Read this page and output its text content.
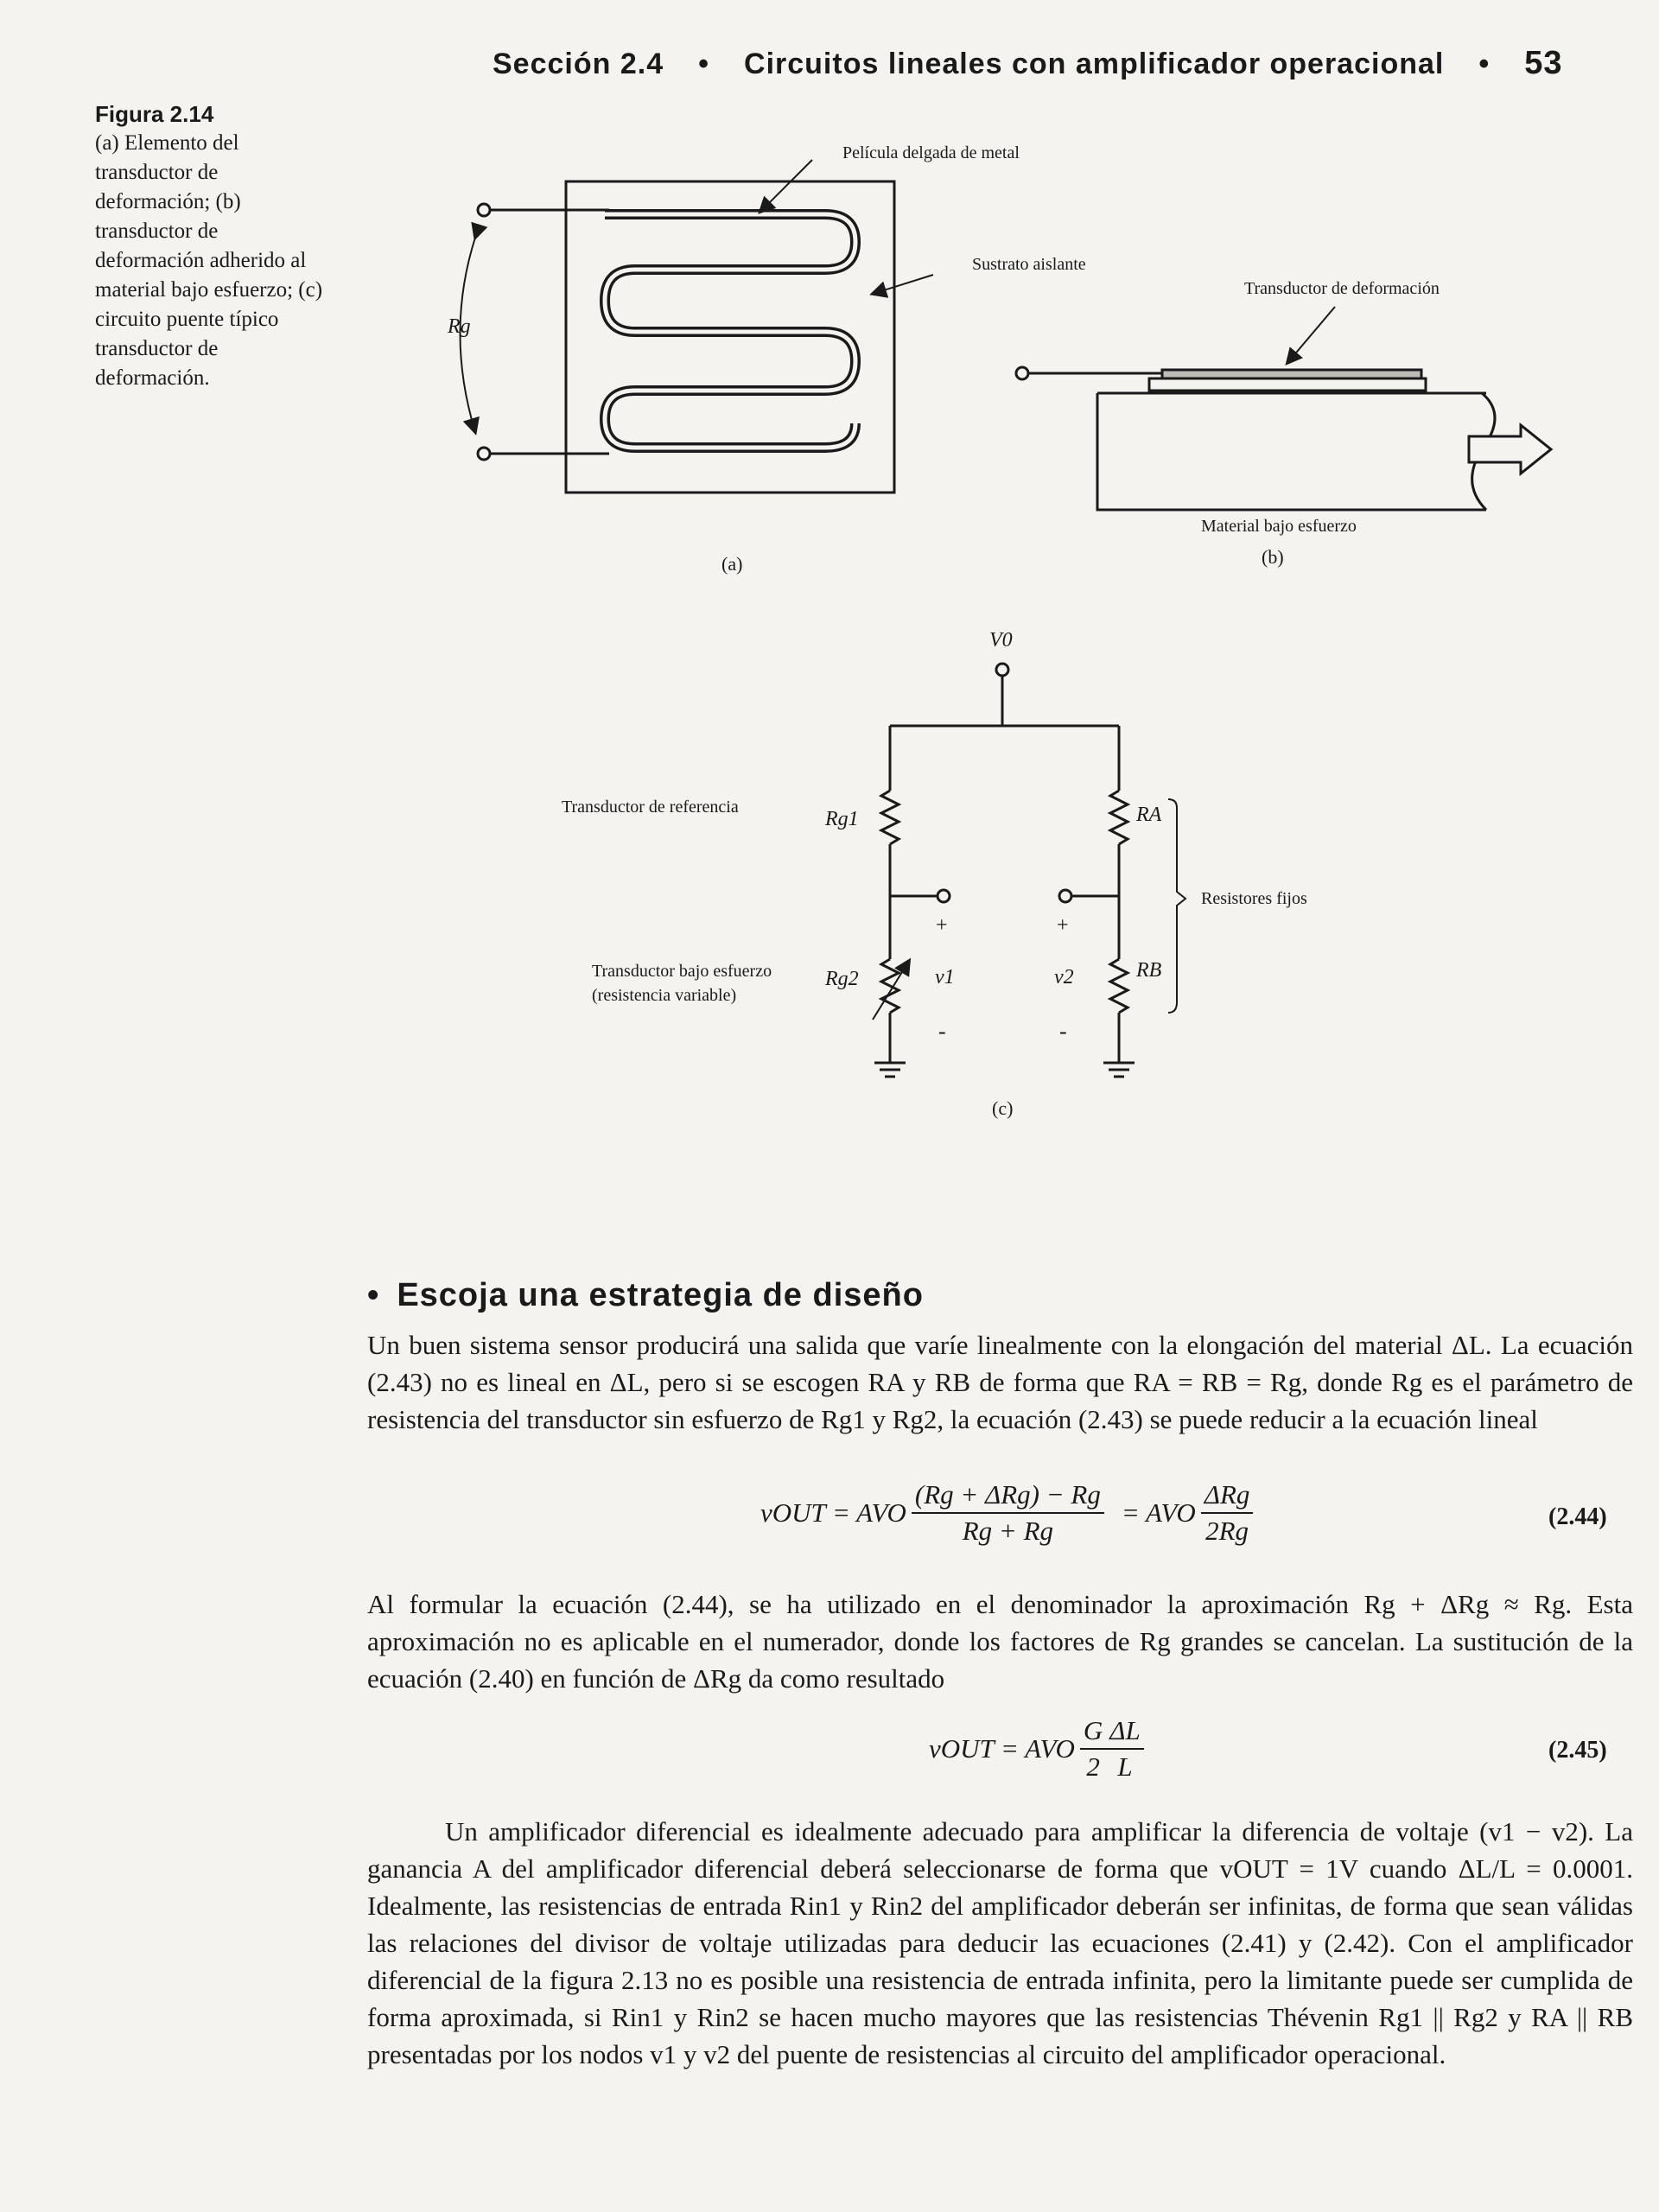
Sección 2.4 • Circuitos lineales con amplificador operacional • 53
Figura 2.14
(a) Elemento del transductor de deformación; (b) transductor de deformación adherido al material bajo esfuerzo; (c) circuito puente típico transductor de deformación.
Rg
Película delgada de metal
Sustrato aislante
(a)
Transductor de deformación
Material bajo esfuerzo
(b)
V0
Transductor de referencia
Rg1
Transductor bajo esfuerzo
(resistencia variable)
Rg2
RA
RB
Resistores fijos
+
v1
-
+
v2
-
(c)
• Escoja una estrategia de diseño
Un buen sistema sensor producirá una salida que varíe linealmente con la elongación del material ΔL. La ecuación (2.43) no es lineal en ΔL, pero si se escogen RA y RB de forma que RA = RB = Rg, donde Rg es el parámetro de resistencia del transductor sin esfuerzo de Rg1 y Rg2, la ecuación (2.43) se puede reducir a la ecuación lineal
vOUT = AVO $\frac{\text{(Rg + ΔRg) − Rg}}{Rg + Rg}$ = AVO $\frac{\text{ΔRg}}{2Rg}$	(2.44)
Al formular la ecuación (2.44), se ha utilizado en el denominador la aproximación Rg + ΔRg ≈ Rg. Esta aproximación no es aplicable en el numerador, donde los factores de Rg grandes se cancelan. La sustitución de la ecuación (2.40) en función de ΔRg da como resultado
vOUT = AVO $\frac{G}{2} \frac{\Delta L}{L}$	(2.45)
Un amplificador diferencial es idealmente adecuado para amplificar la diferencia de voltaje (v1 − v2). La ganancia A del amplificador diferencial deberá seleccionarse de forma que vOUT = 1V cuando ΔL/L = 0.0001. Idealmente, las resistencias de entrada Rin1 y Rin2 del amplificador deberán ser infinitas, de forma que sean válidas las relaciones del divisor de voltaje utilizadas para deducir las ecuaciones (2.41) y (2.42). Con el amplificador diferencial de la figura 2.13 no es posible una resistencia de entrada infinita, pero la limitante puede ser cumplida de forma aproximada, si Rin1 y Rin2 se hacen mucho mayores que las resistencias Thévenin Rg1 || Rg2 y RA || RB presentadas por los nodos v1 y v2 del puente de resistencias al circuito del amplificador operacional.
